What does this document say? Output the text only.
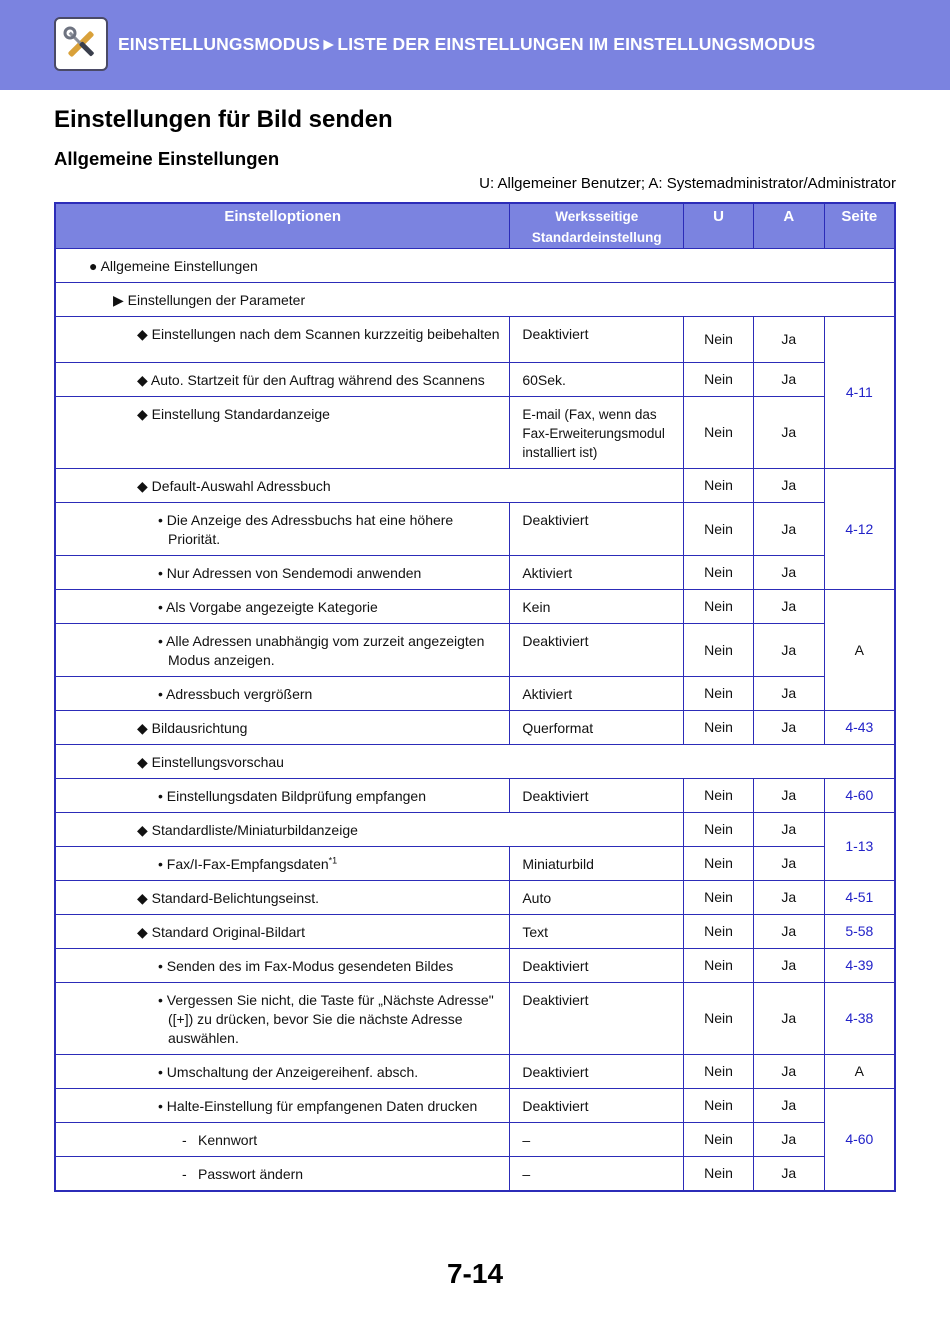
EINSTELLUNGSMODUS►LISTE DER EINSTELLUNGEN IM EINSTELLUNGSMODUS
Einstellungen für Bild senden
Allgemeine Einstellungen
U: Allgemeiner Benutzer; A: Systemadministrator/Administrator
Einstelloptionen	Werksseitige Standardeinstellung	U	A	Seite
● Allgemeine Einstellungen				
▶ Einstellungen der Parameter				

◆ Einstellungen nach dem Scannen kurzzeitig beibehalten	Deaktiviert	Nein	Ja	4-11

◆ Auto. Startzeit für den Auftrag während des Scannens	60Sek.	Nein	Ja	

◆ Einstellung Standardanzeige	E-mail (Fax, wenn das Fax-Erweiterungsmodul installiert ist)	Nein	Ja	

◆ Default-Auswahl Adressbuch		Nein	Ja	4-12

• Die Anzeige des Adressbuchs hat eine höhere Priorität.	Deaktiviert	Nein	Ja	

• Nur Adressen von Sendemodi anwenden	Aktiviert	Nein	Ja	

• Als Vorgabe angezeigte Kategorie	Kein	Nein	Ja	A

• Alle Adressen unabhängig vom zurzeit angezeigten Modus anzeigen.	Deaktiviert	Nein	Ja	

• Adressbuch vergrößern	Aktiviert	Nein	Ja	

◆ Bildausrichtung	Querformat	Nein	Ja	4-43

◆ Einstellungsvorschau				

• Einstellungsdaten Bildprüfung empfangen	Deaktiviert	Nein	Ja	4-60

◆ Standardliste/Miniaturbildanzeige		Nein	Ja	1-13

• Fax/I-Fax-Empfangsdaten$^{*1}$	Miniaturbild	Nein	Ja	

◆ Standard-Belichtungseinst.	Auto	Nein	Ja	4-51

◆ Standard Original-Bildart	Text	Nein	Ja	5-58

• Senden des im Fax-Modus gesendeten Bildes	Deaktiviert	Nein	Ja	4-39

• Vergessen Sie nicht, die Taste für „Nächste Adresse" ([+]) zu drücken, bevor Sie die nächste Adresse auswählen.	Deaktiviert	Nein	Ja	4-38

• Umschaltung der Anzeigereihenf. absch.	Deaktiviert	Nein	Ja	A

• Halte-Einstellung für empfangenen Daten drucken	Deaktiviert	Nein	Ja	4-60

- Kennwort	–	Nein	Ja	

- Passwort ändern	–	Nein	Ja	
7-14
